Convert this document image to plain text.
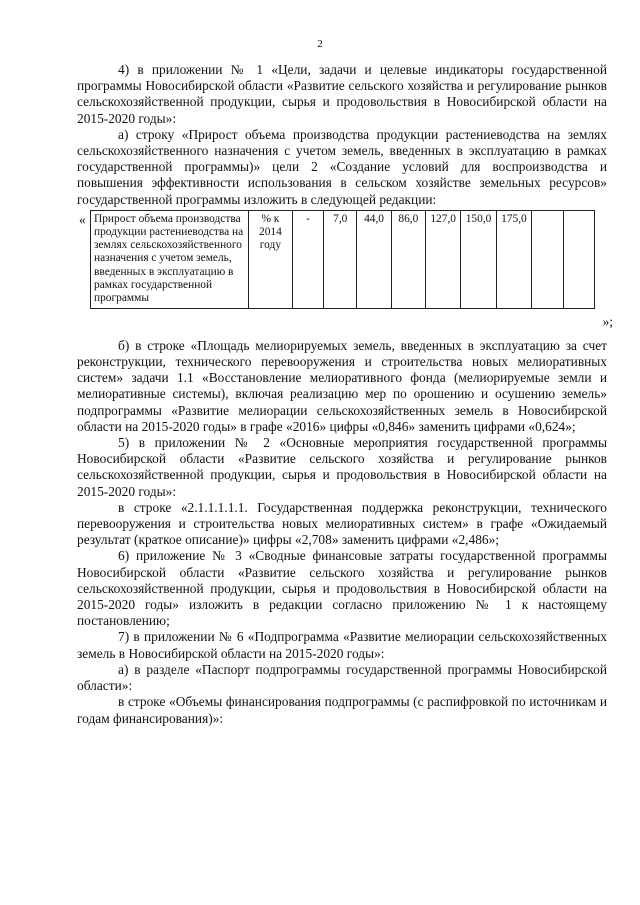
2

4) в приложении № 1 «Цели, задачи и целевые индикаторы государственной программы Новосибирской области «Развитие сельского хозяйства и регулирование рынков сельскохозяйственной продукции, сырья и продовольствия в Новосибирской области на 2015-2020 годы»:

а) строку «Прирост объема производства продукции растениеводства на землях сельскохозяйственного назначения с учетом земель, введенных в эксплуатацию в рамках государственной программы)» цели 2 «Создание условий для воспроизводства и повышения эффективности использования в сельском хозяйстве земельных ресурсов» государственной программы изложить в следующей редакции:

« Прирост объема производства продукции растениеводства на землях сельскохозяйственного назначения с учетом земель, введенных в эксплуатацию в рамках государственной программы	% к 2014 году	-	7,0	44,0	86,0	127,0	150,0	175,0		
»;

б) в строке «Площадь мелиорируемых земель, введенных в эксплуатацию за счет реконструкции, технического перевооружения и строительства новых мелиоративных систем» задачи 1.1 «Восстановление мелиоративного фонда (мелиорируемые земли и мелиоративные системы), включая реализацию мер по орошению и осушению земель» подпрограммы «Развитие мелиорации сельскохозяйственных земель в Новосибирской области на 2015-2020 годы» в графе «2016» цифры «0,846» заменить цифрами «0,624»;

5) в приложении № 2 «Основные мероприятия государственной программы Новосибирской области «Развитие сельского хозяйства и регулирование рынков сельскохозяйственной продукции, сырья и продовольствия в Новосибирской области на 2015-2020 годы»:

в строке «2.1.1.1.1.1. Государственная поддержка реконструкции, технического перевооружения и строительства новых мелиоративных систем» в графе «Ожидаемый результат (краткое описание)» цифры «2,708» заменить цифрами «2,486»;

6) приложение № 3 «Сводные финансовые затраты государственной программы Новосибирской области «Развитие сельского хозяйства и регулирование рынков сельскохозяйственной продукции, сырья и продовольствия в Новосибирской области на 2015-2020 годы» изложить в редакции согласно приложению № 1 к настоящему постановлению;

7) в приложении № 6 «Подпрограмма «Развитие мелиорации сельскохозяйственных земель в Новосибирской области на 2015-2020 годы»:

а) в разделе «Паспорт подпрограммы государственной программы Новосибирской области»:

в строке «Объемы финансирования подпрограммы (с распифровкой по источникам и годам финансирования)»:
